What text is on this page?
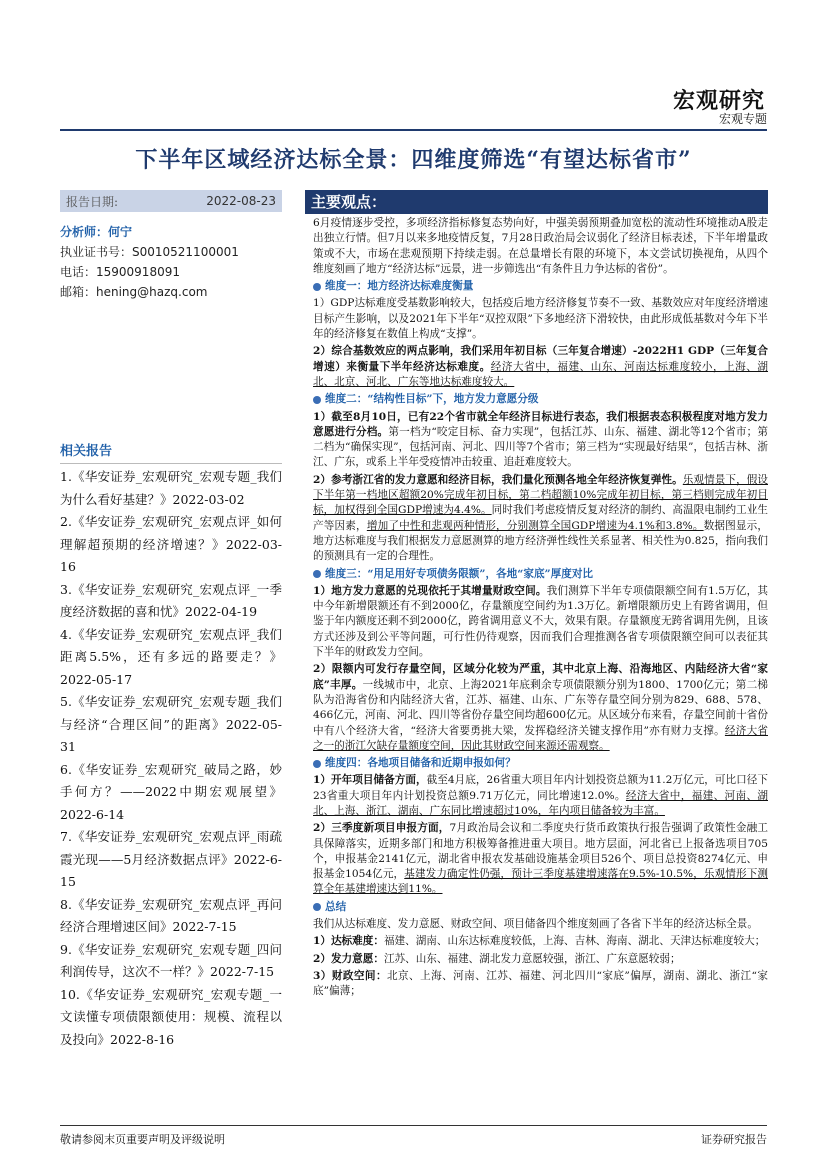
宏观研究
宏观专题
下半年区域经济达标全景：四维度筛选“有望达标省市”
报告日期:	2022-08-23
分析师：何宁
执业证书号：S0010521100001
电话：15900918091
邮箱：hening@hazq.com
相关报告
1.《华安证券_宏观研究_宏观专题_我们为什么看好基建？》2022-03-02
2.《华安证券_宏观研究_宏观点评_如何理解超预期的经济增速？》2022-03-16
3.《华安证券_宏观研究_宏观点评_一季度经济数据的喜和忧》2022-04-19
4.《华安证券_宏观研究_宏观点评_我们距离5.5%，还有多远的路要走？》2022-05-17
5.《华安证券_宏观研究_宏观专题_我们与经济“合理区间”的距离》2022-05-31
6.《华安证券_宏观研究_破局之路，妙手何方？——2022中期宏观展望》2022-6-14
7.《华安证券_宏观研究_宏观点评_雨疏霞光现——5月经济数据点评》2022-6-15
8.《华安证券_宏观研究_宏观点评_再问经济合理增速区间》2022-7-15
9.《华安证券_宏观研究_宏观专题_四问利润传导，这次不一样？》2022-7-15
10.《华安证券_宏观研究_宏观专题_一文读懂专项债限额使用：规模、流程以及投向》2022-8-16
主要观点：
6月疫情逐步受控，多项经济指标修复态势向好，中强美弱预期叠加宽松的流动性环境推动A股走出独立行情。但7月以来多地疫情反复，7月28日政治局会议弱化了经济目标表述，下半年增量政策或不大，市场在悲观预期下持续走弱。在总量增长有限的环境下，本文尝试切换视角，从四个维度刻画了地方“经济达标”远景，进一步筛选出“有条件且力争达标的省份”。
维度一：地方经济达标难度衡量
1）GDP达标难度受基数影响较大，包括疫后地方经济修复节奏不一致、基数效应对年度经济增速目标产生影响，以及2021年下半年“双控双限”下多地经济下滑较快，由此形成低基数对今年下半年的经济修复在数值上构成“支撑”。
2）综合基数效应的两点影响，我们采用年初目标（三年复合增速）-2022H1 GDP（三年复合增速）来衡量下半年经济达标难度。经济大省中，福建、山东、河南达标难度较小，上海、湖北、北京、河北、广东等地达标难度较大。
维度二：“结构性目标”下，地方发力意愿分级
1）截至8月10日，已有22个省市就全年经济目标进行表态，我们根据表态积极程度对地方发力意愿进行分档。第一档为“咬定目标、奋力实现”，包括江苏、山东、福建、湖北等12个省市；第二档为“确保实现”，包括河南、河北、四川等7个省市；第三档为“实现最好结果”，包括吉林、浙江、广东，或系上半年受疫情冲击较重、追赶难度较大。
2）参考浙江省的发力意愿和经济目标，我们量化预测各地全年经济恢复弹性。乐观情景下，假设下半年第一档地区超额20%完成年初目标，第二档超额10%完成年初目标，第三档则完成年初目标，加权得到全国GDP增速为4.4%。同时我们考虑疫情反复对经济的制约、高温限电制约工业生产等因素，增加了中性和悲观两种情形，分别测算全国GDP增速为4.1%和3.8%。数据图显示，地方达标难度与我们根据发力意愿测算的地方经济弹性线性关系显著、相关性为0.825，指向我们的预测具有一定的合理性。
维度三：“用足用好专项债务限额”，各地“家底”厚度对比
1）地方发力意愿的兑现依托于其增量财政空间。我们测算下半年专项债限额空间有1.5万亿，其中今年新增限额还有不到2000亿，存量额度空间约为1.3万亿。新增限额历史上有跨省调用，但鉴于年内额度还剩不到2000亿，跨省调用意义不大，效果有限。存量额度无跨省调用先例，且该方式还涉及到公平等问题，可行性仍待观察，因而我们合理推测各省专项债限额空间可以表征其下半年的财政发力空间。
2）限额内可发行存量空间，区域分化较为严重，其中北京上海、沿海地区、内陆经济大省“家底”丰厚。一线城市中，北京、上海2021年底剩余专项债限额分别为1800、1700亿元；第二梯队为沿海省份和内陆经济大省，江苏、福建、山东、广东等存量空间分别为829、688、578、466亿元，河南、河北、四川等省份存量空间均超600亿元。从区域分布来看，存量空间前十省份中有八个经济大省，“经济大省要勇挑大梁，发挥稳经济关键支撑作用”亦有财力支撑。经济大省之一的浙江欠缺存量额度空间，因此其财政空间来源还需观察。
维度四：各地项目储备和近期申报如何？
1）开年项目储备方面，截至4月底，26省重大项目年内计划投资总额为11.2万亿元，可比口径下23省重大项目年内计划投资总额9.71万亿元，同比增速12.0%。经济大省中，福建、河南、湖北、上海、浙江、湖南、广东同比增速超过10%，年内项目储备较为丰富。
2）三季度新项目申报方面，7月政治局会议和二季度央行货币政策执行报告强调了政策性金融工具保障落实，近期多部门和地方积极筹备推进重大项目。地方层面，河北省已上报备选项目705个，申报基金2141亿元，湖北省申报农发基础设施基金项目526个、项目总投资8274亿元、申报基金1054亿元，基建发力确定性仍强，预计三季度基建增速落在9.5%-10.5%，乐观情形下测算全年基建增速达到11%。
总结
我们从达标难度、发力意愿、财政空间、项目储备四个维度刻画了各省下半年的经济达标全景。
1）达标难度：福建、湖南、山东达标难度较低，上海、吉林、海南、湖北、天津达标难度较大；
2）发力意愿：江苏、山东、福建、湖北发力意愿较强，浙江、广东意愿较弱；
3）财政空间：北京、上海、河南、江苏、福建、河北四川“家底”偏厚，湖南、湖北、浙江“家底”偏薄；
敬请参阅末页重要声明及评级说明	证券研究报告
